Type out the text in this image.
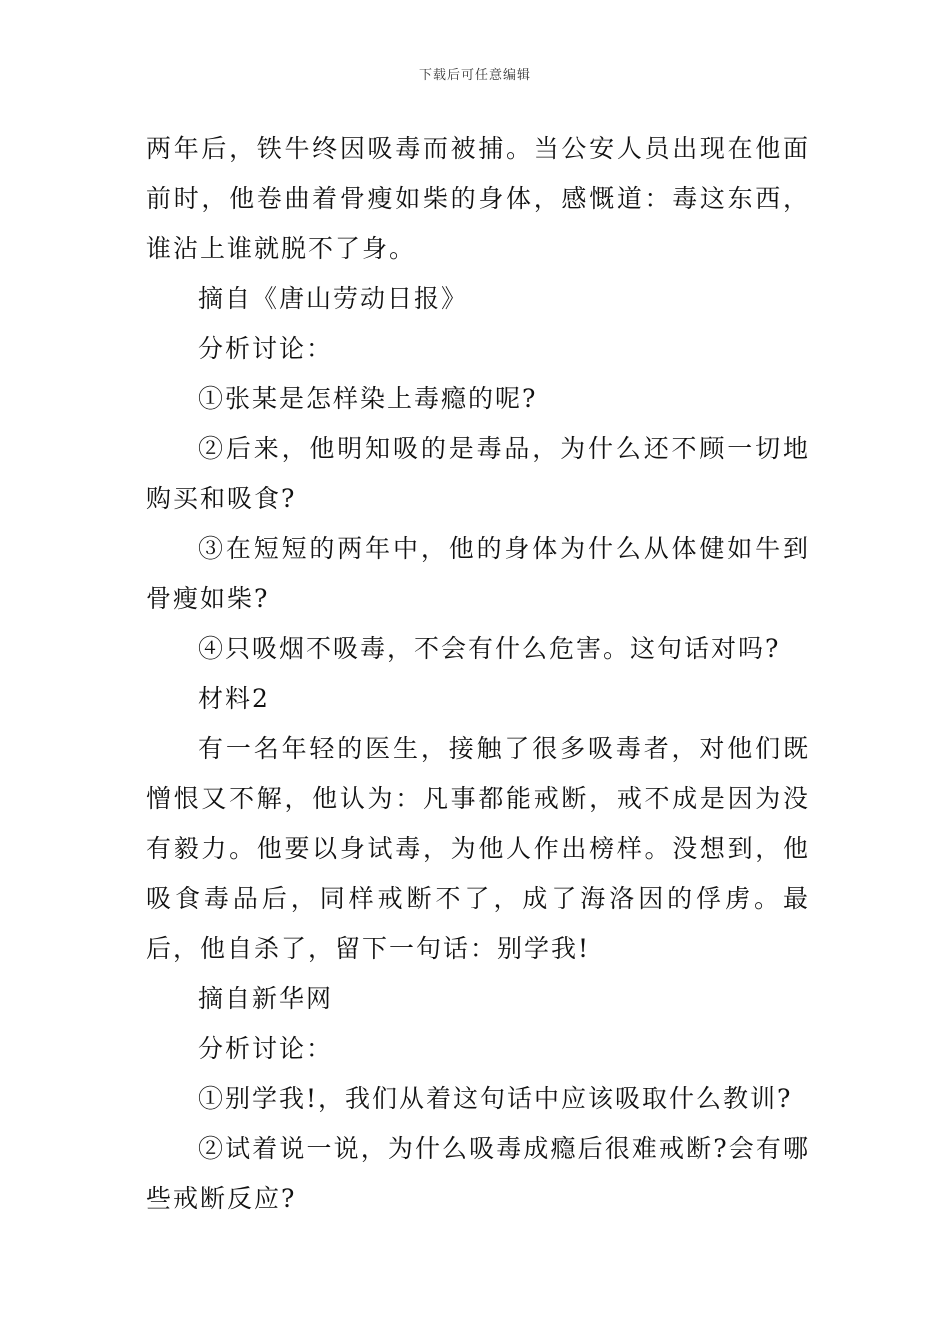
下载后可任意编辑

两年后，铁牛终因吸毒而被捕。当公安人员出现在他面前时，他卷曲着骨瘦如柴的身体，感慨道：毒这东西，谁沾上谁就脱不了身。

摘自《唐山劳动日报》

分析讨论：

①张某是怎样染上毒瘾的呢?

②后来，他明知吸的是毒品，为什么还不顾一切地购买和吸食?

③在短短的两年中，他的身体为什么从体健如牛到骨瘦如柴?

④只吸烟不吸毒，不会有什么危害。这句话对吗?

材料2

有一名年轻的医生，接触了很多吸毒者，对他们既憎恨又不解，他认为：凡事都能戒断，戒不成是因为没有毅力。他要以身试毒，为他人作出榜样。没想到，他吸食毒品后，同样戒断不了，成了海洛因的俘虏。最后，他自杀了，留下一句话：别学我!

摘自新华网

分析讨论：

①别学我!，我们从着这句话中应该吸取什么教训?

②试着说一说，为什么吸毒成瘾后很难戒断?会有哪些戒断反应?
